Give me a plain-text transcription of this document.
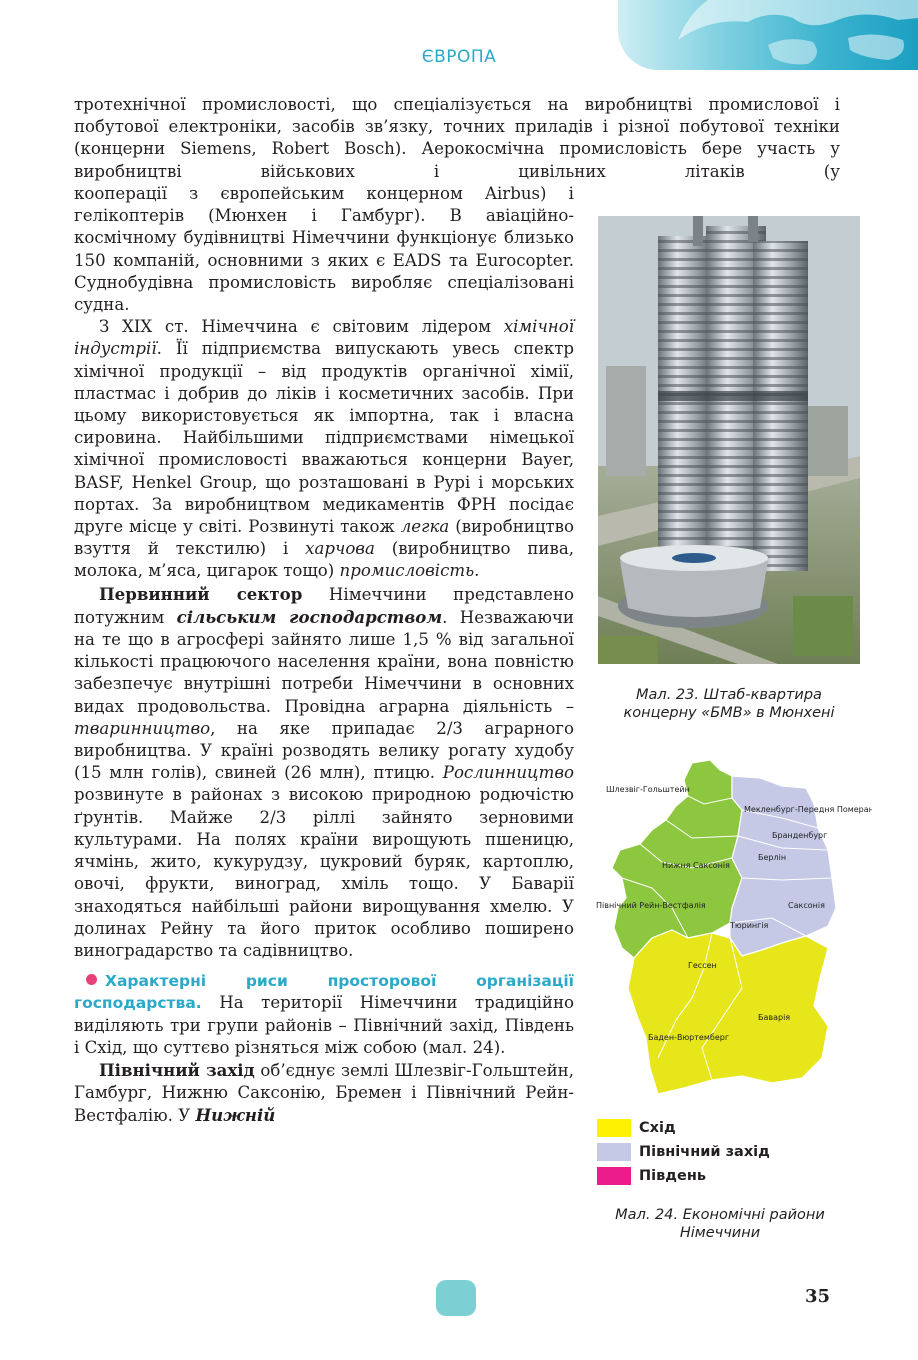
ЄВРОПА

тротехнічної промисловості, що спеціалізується на виробництві промислової і побутової електроніки, засобів зв’язку, точних приладів і різної побутової техніки (концерни Siemens, Robert Bosch). Аерокосмічна промисловість бере участь у виробництві військових і цивільних літаків (у

кооперації з європейським концерном Airbus) і гелікоптерів (Мюнхен і Гамбург). В авіаційно-космічному будівництві Німеччини функціонує близько 150 компаній, основними з яких є EADS та Eurocopter. Суднобудівна промисловість виробляє спеціалізовані судна.

З XIX ст. Німеччина є світовим лідером хімічної індустрії. Її підприємства випускають увесь спектр хімічної продукції – від продуктів органічної хімії, пластмас і добрив до ліків і косметичних засобів. При цьому використовується як імпортна, так і власна сировина. Найбільшими підприємствами німецької хімічної промисловості вважаються концерни Bayer, BASF, Henkel Group, що розташовані в Рурі і морських портах. За виробництвом медикаментів ФРН посідає друге місце у світі. Розвинуті також легка (виробництво взуття й текстилю) і харчова (виробництво пива, молока, м’яса, цигарок тощо) промисловість.

Первинний сектор Німеччини представлено потужним сільським господарством. Незважаючи на те що в агросфері зайнято лише 1,5 % від загальної кількості працюючого населення країни, вона повністю забезпечує внутрішні потреби Німеччини в основних видах продовольства. Провідна аграрна діяльність – тваринництво, на яке припадає 2/3 аграрного виробництва. У країні розводять велику рогату худобу (15 млн голів), свиней (26 млн), птицю. Рослинництво розвинуте в районах з високою природною родючістю ґрунтів. Майже 2/3 ріллі зайнято зерновими культурами. На полях країни вирощують пшеницю, ячмінь, жито, кукурудзу, цукровий буряк, картоплю, овочі, фрукти, виноград, хміль тощо. У Баварії знаходяться найбільші райони вирощування хмелю. У долинах Рейну та його приток особливо поширено виноградарство та садівництво.

Характерні риси просторової організації господарства. На території Німеччини традиційно виділяють три групи районів – Північний захід, Південь і Схід, що суттєво різняться між собою (мал. 24).

Північний захід об’єднує землі Шлезвіг-Гольштейн, Гамбург, Нижню Саксонію, Бремен і Північний Рейн-Вестфалію. У Нижній

Мал. 23. Штаб-квартира концерну «БМВ» в Мюнхені
Шлезвіг-Гольштейн
Нижня Саксонія
Північний Рейн-Вестфалія
Гессен
Баден-Вюртемберг
Баварія
Берлін
Саксонія
Тюрингія
Бранденбург
Мекленбург-Передня Померанія
Схід
Північний захід
Південь
Мал. 24. Економічні райони Німеччини
35
